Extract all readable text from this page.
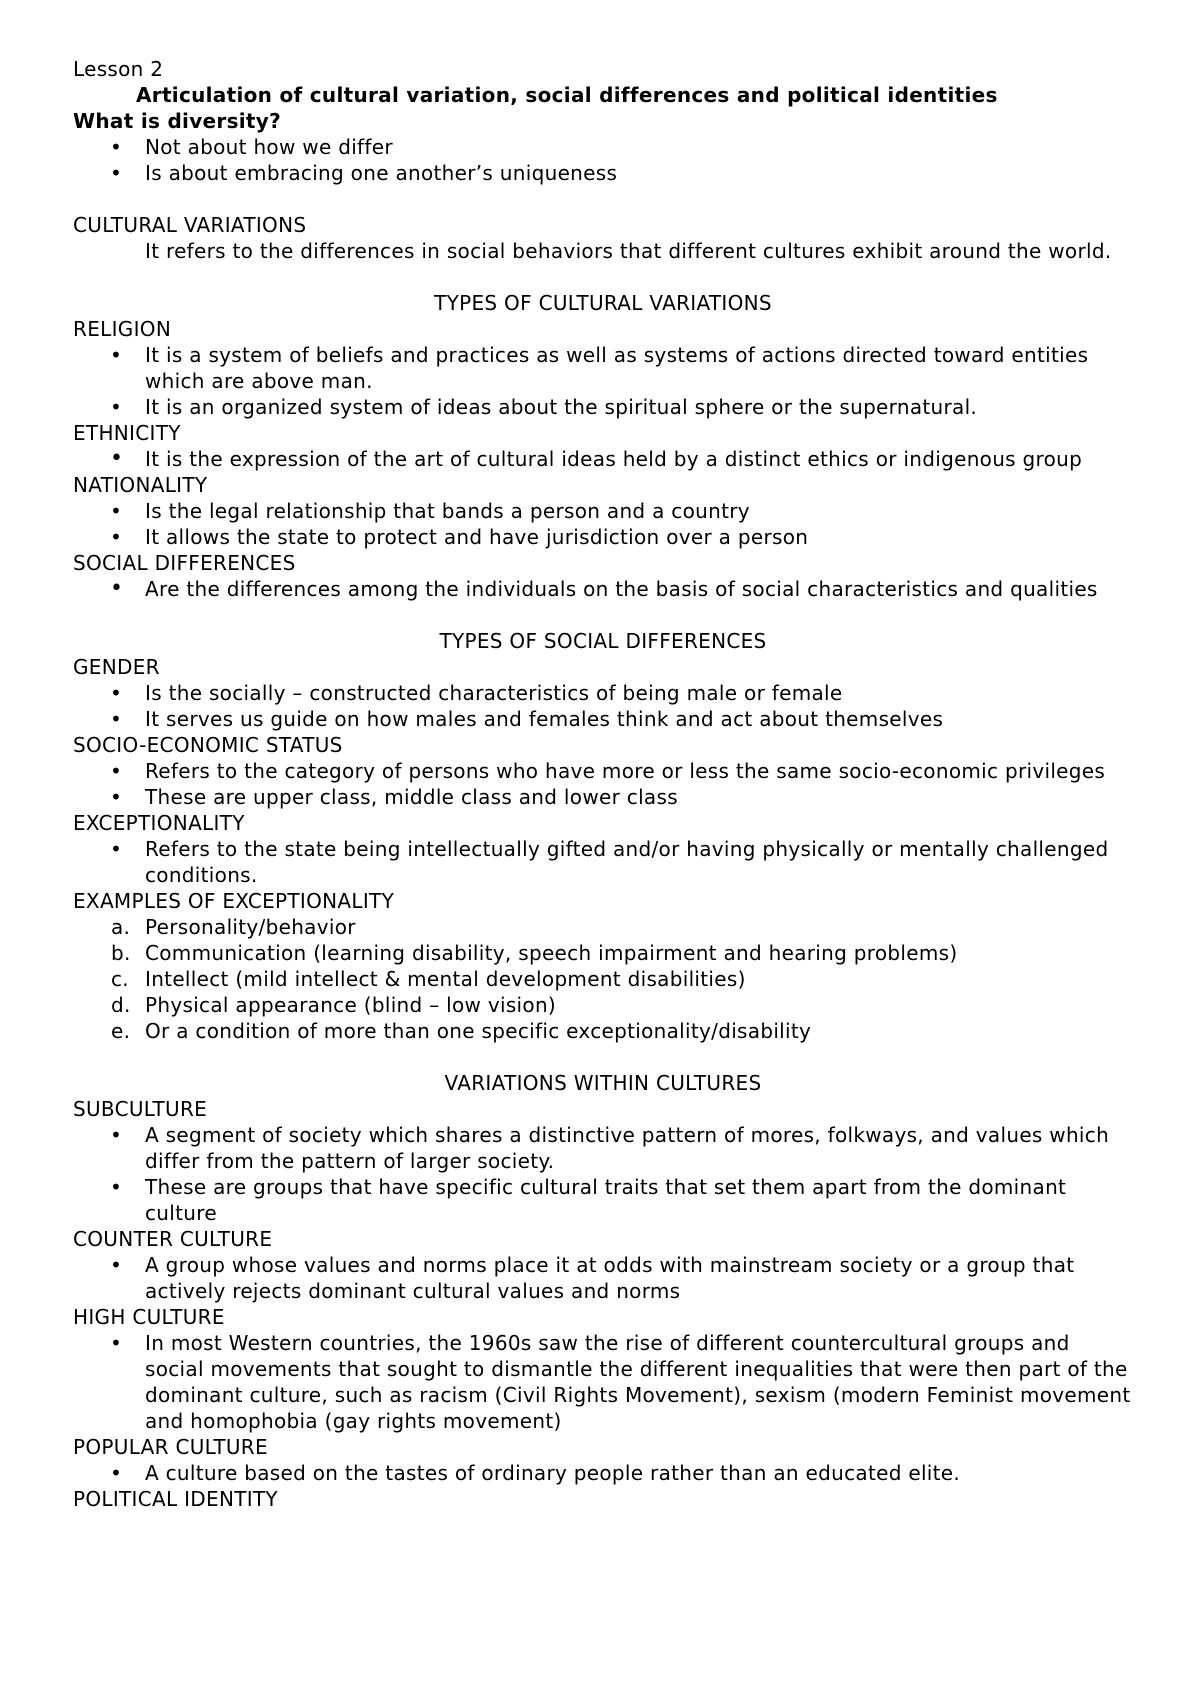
Lesson 2
Articulation of cultural variation, social differences and political identities
What is diversity?
• Not about how we differ
• Is about embracing one another’s uniqueness
CULTURAL VARIATIONS
It refers to the differences in social behaviors that different cultures exhibit around the world.
TYPES OF CULTURAL VARIATIONS
RELIGION
• It is a system of beliefs and practices as well as systems of actions directed toward entities which are above man.
• It is an organized system of ideas about the spiritual sphere or the supernatural.
ETHNICITY
• It is the expression of the art of cultural ideas held by a distinct ethics or indigenous group
NATIONALITY
• Is the legal relationship that bands a person and a country
• It allows the state to protect and have jurisdiction over a person
SOCIAL DIFFERENCES
• Are the differences among the individuals on the basis of social characteristics and qualities
TYPES OF SOCIAL DIFFERENCES
GENDER
• Is the socially – constructed characteristics of being male or female
• It serves us guide on how males and females think and act about themselves
SOCIO-ECONOMIC STATUS
• Refers to the category of persons who have more or less the same socio-economic privileges
• These are upper class, middle class and lower class
EXCEPTIONALITY
• Refers to the state being intellectually gifted and/or having physically or mentally challenged conditions.
EXAMPLES OF EXCEPTIONALITY
a. Personality/behavior
b. Communication (learning disability, speech impairment and hearing problems)
c. Intellect (mild intellect & mental development disabilities)
d. Physical appearance (blind – low vision)
e. Or a condition of more than one specific exceptionality/disability
VARIATIONS WITHIN CULTURES
SUBCULTURE
• A segment of society which shares a distinctive pattern of mores, folkways, and values which differ from the pattern of larger society.
• These are groups that have specific cultural traits that set them apart from the dominant culture
COUNTER CULTURE
• A group whose values and norms place it at odds with mainstream society or a group that actively rejects dominant cultural values and norms
HIGH CULTURE
• In most Western countries, the 1960s saw the rise of different countercultural groups and social movements that sought to dismantle the different inequalities that were then part of the dominant culture, such as racism (Civil Rights Movement), sexism (modern Feminist movement and homophobia (gay rights movement)
POPULAR CULTURE
• A culture based on the tastes of ordinary people rather than an educated elite.
POLITICAL IDENTITY
